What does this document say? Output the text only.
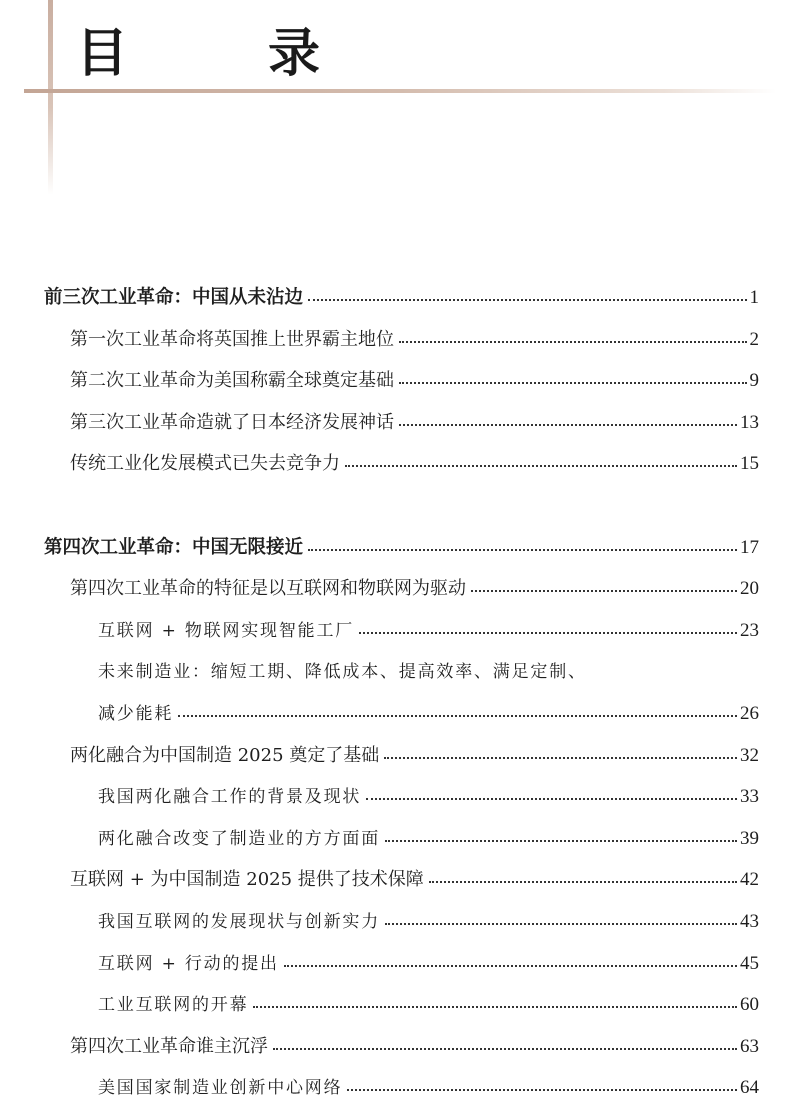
目　录
前三次工业革命：中国从未沾边	1
第一次工业革命将英国推上世界霸主地位	2
第二次工业革命为美国称霸全球奠定基础	9
第三次工业革命造就了日本经济发展神话	13
传统工业化发展模式已失去竞争力	15
第四次工业革命：中国无限接近	17
第四次工业革命的特征是以互联网和物联网为驱动	20
互联网 + 物联网实现智能工厂	23
未来制造业：缩短工期、降低成本、提高效率、满足定制、
减少能耗	26
两化融合为中国制造 2025 奠定了基础	32
我国两化融合工作的背景及现状	33
两化融合改变了制造业的方方面面	39
互联网 + 为中国制造 2025 提供了技术保障	42
我国互联网的发展现状与创新实力	43
互联网 + 行动的提出	45
工业互联网的开幕	60
第四次工业革命谁主沉浮	63
美国国家制造业创新中心网络	64
